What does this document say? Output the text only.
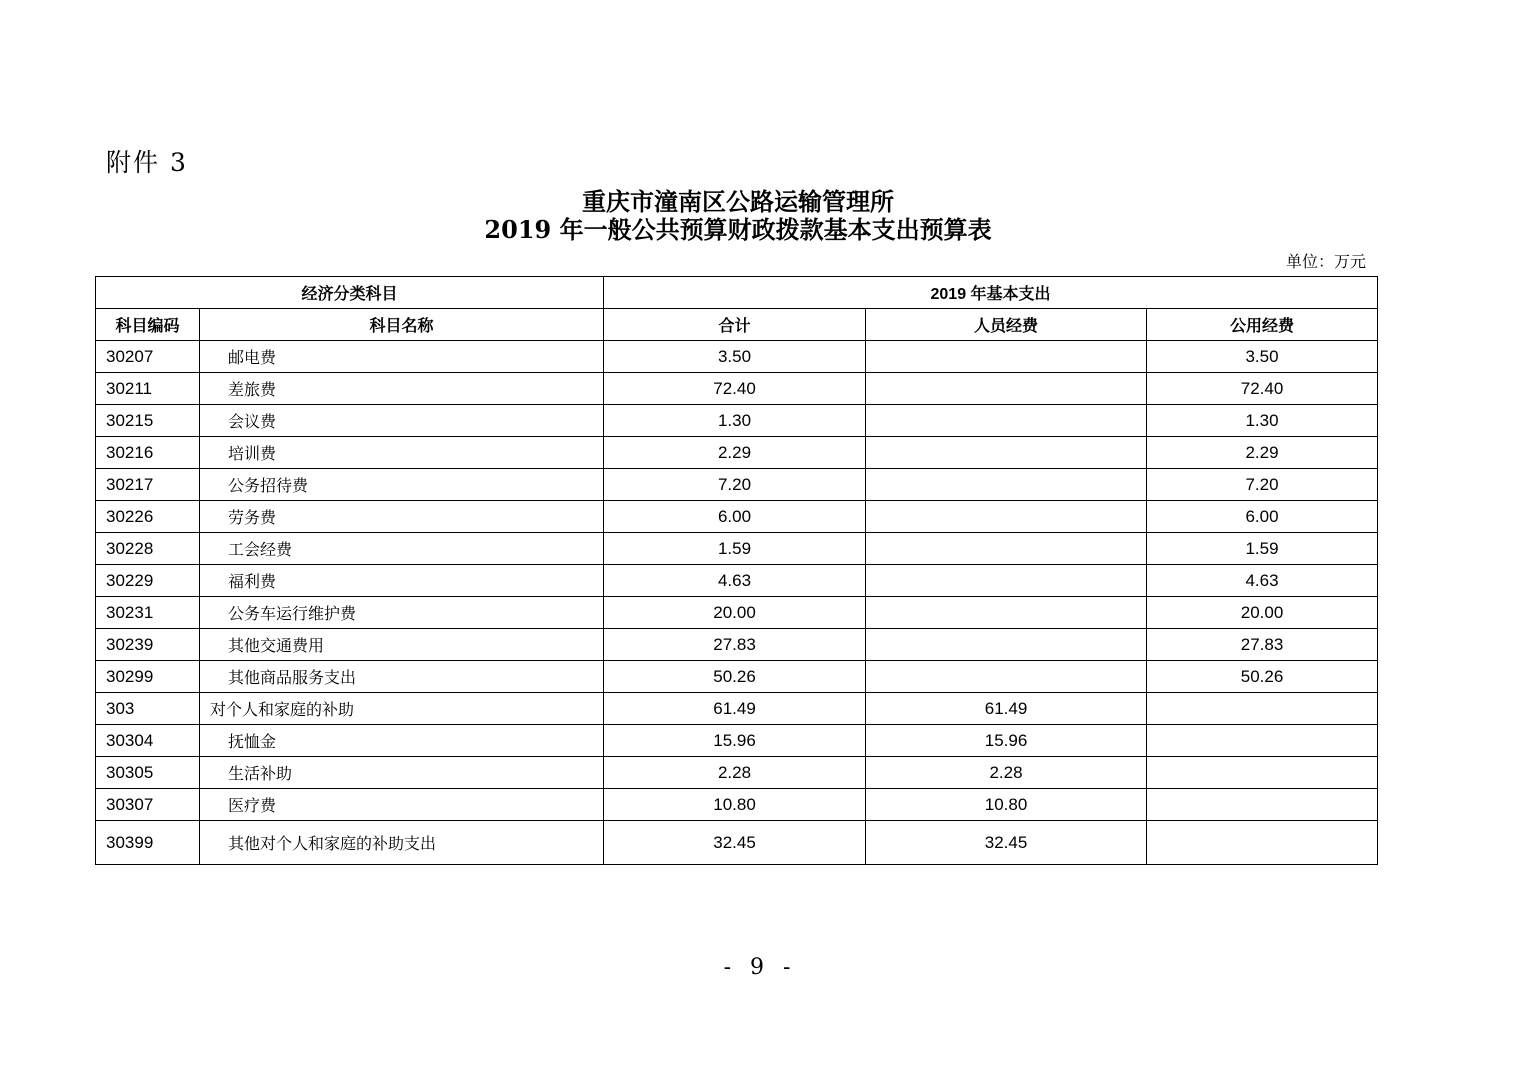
附件 3
重庆市潼南区公路运输管理所
2019 年一般公共预算财政拨款基本支出预算表
单位：万元
经济分类科目		2019 年基本支出		
科目编码	科目名称	合计	人员经费	公用经费
30207	邮电费	3.50		3.50
30211	差旅费	72.40		72.40
30215	会议费	1.30		1.30
30216	培训费	2.29		2.29
30217	公务招待费	7.20		7.20
30226	劳务费	6.00		6.00
30228	工会经费	1.59		1.59
30229	福利费	4.63		4.63
30231	公务车运行维护费	20.00		20.00
30239	其他交通费用	27.83		27.83
30299	其他商品服务支出	50.26		50.26
303	对个人和家庭的补助	61.49	61.49	
30304	抚恤金	15.96	15.96	
30305	生活补助	2.28	2.28	
30307	医疗费	10.80	10.80	
30399	其他对个人和家庭的补助支出	32.45	32.45	
- 9 -
